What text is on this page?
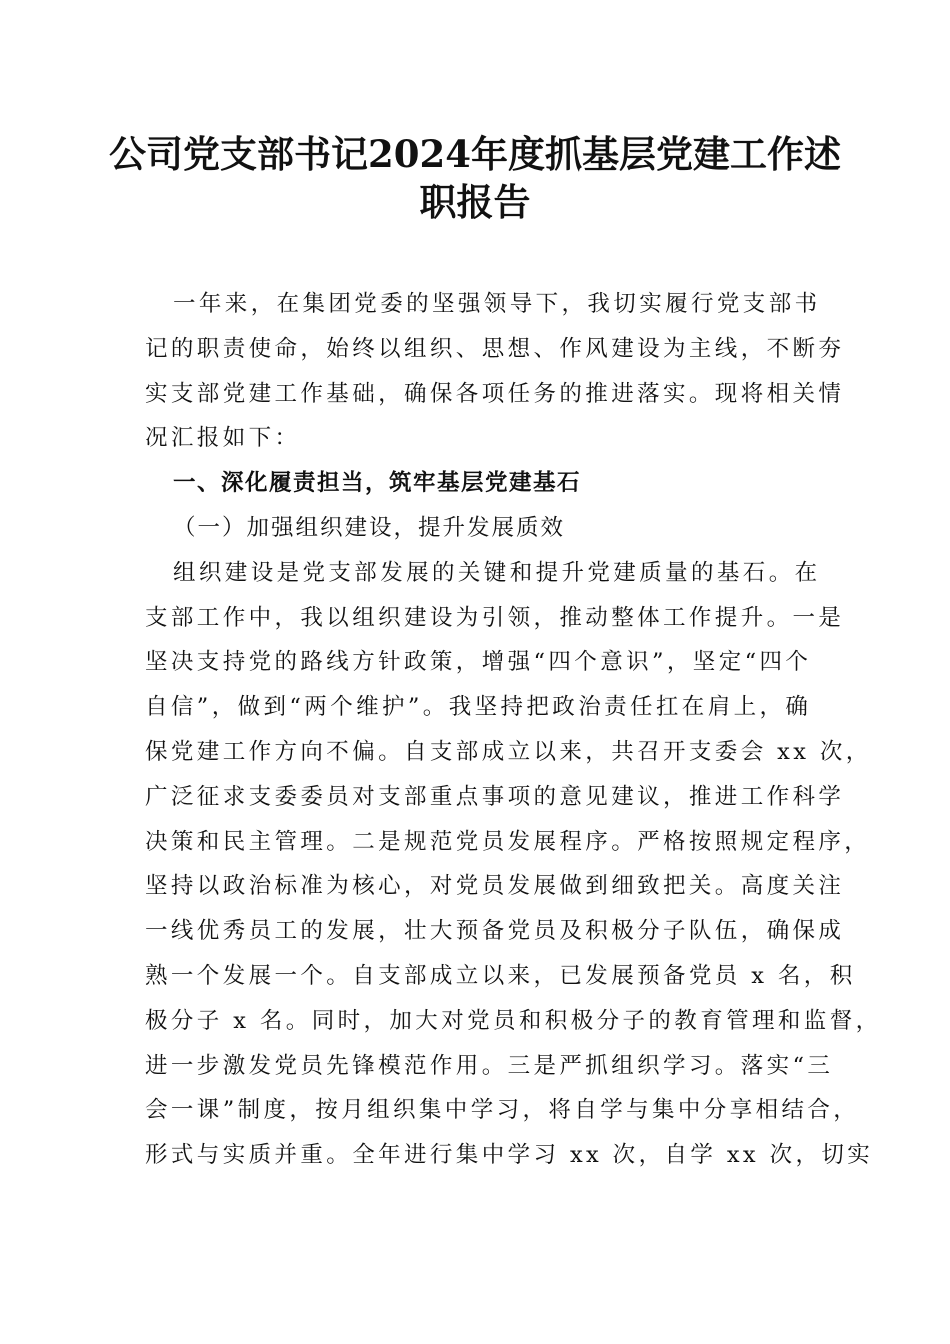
公司党支部书记2024年度抓基层党建工作述
职报告
一年来，在集团党委的坚强领导下，我切实履行党支部书
记的职责使命，始终以组织、思想、作风建设为主线，不断夯
实支部党建工作基础，确保各项任务的推进落实。现将相关情
况汇报如下：
一、深化履责担当，筑牢基层党建基石
（一）加强组织建设，提升发展质效
组织建设是党支部发展的关键和提升党建质量的基石。在
支部工作中，我以组织建设为引领，推动整体工作提升。一是
坚决支持党的路线方针政策，增强“四个意识”，坚定“四个
自信”，做到“两个维护”。我坚持把政治责任扛在肩上，确
保党建工作方向不偏。自支部成立以来，共召开支委会 xx 次，
广泛征求支委委员对支部重点事项的意见建议，推进工作科学
决策和民主管理。二是规范党员发展程序。严格按照规定程序，
坚持以政治标准为核心，对党员发展做到细致把关。高度关注
一线优秀员工的发展，壮大预备党员及积极分子队伍，确保成
熟一个发展一个。自支部成立以来，已发展预备党员 x 名，积
极分子 x 名。同时，加大对党员和积极分子的教育管理和监督，
进一步激发党员先锋模范作用。三是严抓组织学习。落实“三
会一课”制度，按月组织集中学习，将自学与集中分享相结合，
形式与实质并重。全年进行集中学习 xx 次，自学 xx 次，切实
